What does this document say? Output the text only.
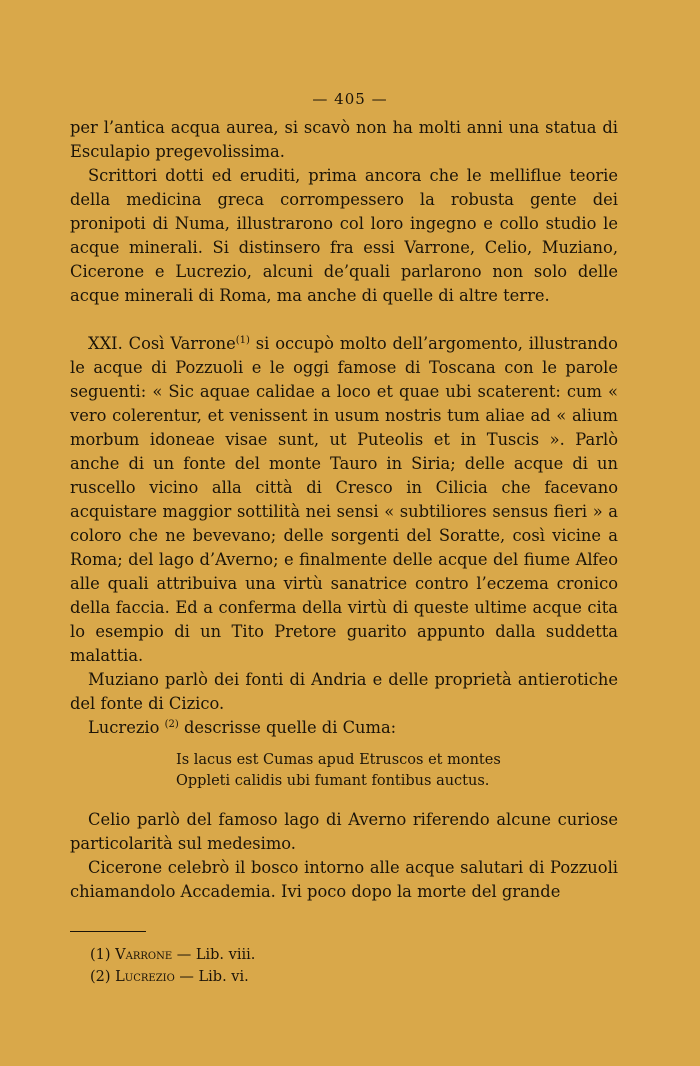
— 405 —

per l’antica acqua aurea, si scavò non ha molti anni una statua di Esculapio pregevolissima.

Scrittori dotti ed eruditi, prima ancora che le melliflue teorie della medicina greca corrompessero la robusta gente dei pronipoti di Numa, illustrarono col loro ingegno e collo studio le acque minerali. Si distinsero fra essi Varrone, Celio, Muziano, Cicerone e Lucrezio, alcuni de’quali parlarono non solo delle acque minerali di Roma, ma anche di quelle di altre terre.

XXI. Così Varrone$^{(1)}$ si occupò molto dell’argomento, illustrando le acque di Pozzuoli e le oggi famose di Toscana con le parole seguenti: « Sic aquae calidae a loco et quae ubi scaterent: cum « vero colerentur, et venissent in usum nostris tum aliae ad « alium morbum idoneae visae sunt, ut Puteolis et in Tuscis ». Parlò anche di un fonte del monte Tauro in Siria; delle acque di un ruscello vicino alla città di Cresco in Cilicia che facevano acquistare maggior sottilità nei sensi « subtiliores sensus fieri » a coloro che ne bevevano; delle sorgenti del Soratte, così vicine a Roma; del lago d’Averno; e finalmente delle acque del fiume Alfeo alle quali attribuiva una virtù sanatrice contro l’eczema cronico della faccia. Ed a conferma della virtù di queste ultime acque cita lo esempio di un Tito Pretore guarito appunto dalla suddetta malattia.

Muziano parlò dei fonti di Andria e delle proprietà antierotiche del fonte di Cizico.

Lucrezio $^{(2)}$ descrisse quelle di Cuma:

Is lacus est Cumas apud Etruscos et montes
Oppleti calidis ubi fumant fontibus auctus.

Celio parlò del famoso lago di Averno riferendo alcune curiose particolarità sul medesimo.

Cicerone celebrò il bosco intorno alle acque salutari di Pozzuoli chiamandolo Accademia. Ivi poco dopo la morte del grande

(1) Varrone — Lib. viii.
(2) Lucrezio — Lib. vi.
